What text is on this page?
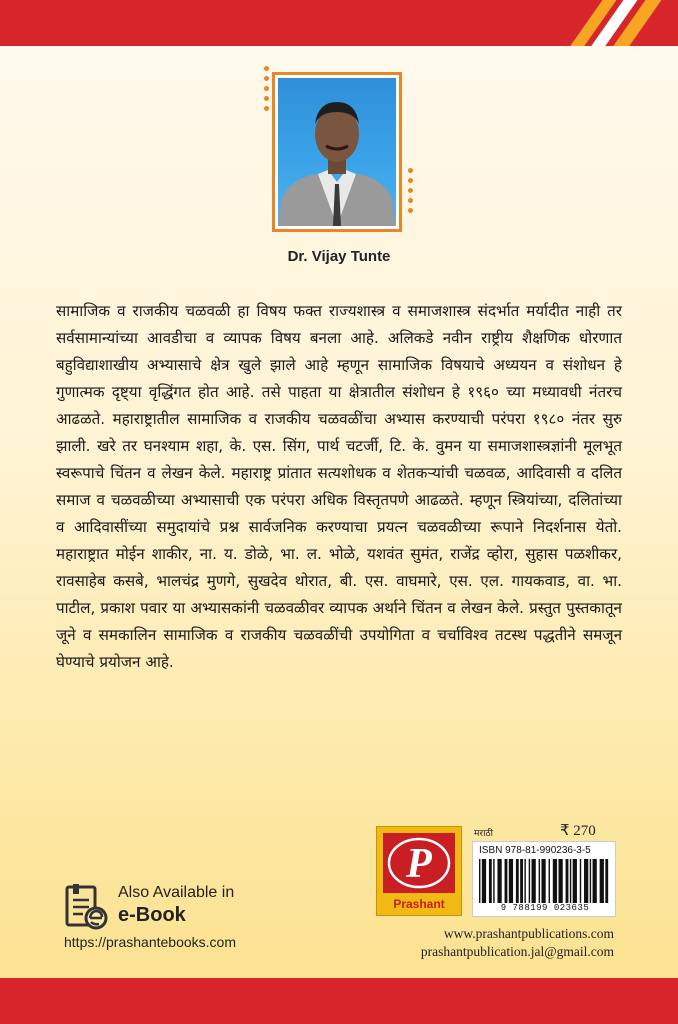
Dr. Vijay Tunte

सामाजिक व राजकीय चळवळी हा विषय फक्त राज्यशास्त्र व समाजशास्त्र संदर्भात मर्यादीत नाही तर सर्वसामान्यांच्या आवडीचा व व्यापक विषय बनला आहे. अलिकडे नवीन राष्ट्रीय शैक्षणिक धोरणात बहुविद्याशाखीय अभ्यासाचे क्षेत्र खुले झाले आहे म्हणून सामाजिक विषयाचे अध्ययन व संशोधन हे गुणात्मक दृष्ट्या वृद्धिंगत होत आहे. तसे पाहता या क्षेत्रातील संशोधन हे १९६० च्या मध्यावधी नंतरच आढळते. महाराष्ट्रातील सामाजिक व राजकीय चळवळींचा अभ्यास करण्याची परंपरा १९८० नंतर सुरु झाली. खरे तर घनश्याम शहा, के. एस. सिंग, पार्थ चटर्जी, टि. के. वुमन या समाजशास्त्रज्ञांनी मूलभूत स्वरूपाचे चिंतन व लेखन केले. महाराष्ट्र प्रांतात सत्यशोधक व शेतकऱ्यांची चळवळ, आदिवासी व दलित समाज व चळवळीच्या अभ्यासाची एक परंपरा अधिक विस्तृतपणे आढळते. म्हणून स्त्रियांच्या, दलितांच्या व आदिवासींच्या समुदायांचे प्रश्न सार्वजनिक करण्याचा प्रयत्न चळवळीच्या रूपाने निदर्शनास येतो. महाराष्ट्रात मोईन शाकीर, ना. य. डोळे, भा. ल. भोळे, यशवंत सुमंत, राजेंद्र व्होरा, सुहास पळशीकर, रावसाहेब कसबे, भालचंद्र मुणगे, सुखदेव थोरात, बी. एस. वाघमारे, एस. एल. गायकवाड, वा. भा. पाटील, प्रकाश पवार या अभ्यासकांनी चळवळीवर व्यापक अर्थाने चिंतन व लेखन केले. प्रस्तुत पुस्तकातून जूने व समकालिन सामाजिक व राजकीय चळवळींची उपयोगिता व चर्चाविश्व तटस्थ पद्धतीने समजून घेण्याचे प्रयोजन आहे.

Also Available in
e-Book
https://prashantebooks.com
P
Prashant
मराठी	₹ 270
ISBN 978-81-990236-3-5
9 788199 023635
www.prashantpublications.com
prashantpublication.jal@gmail.com
